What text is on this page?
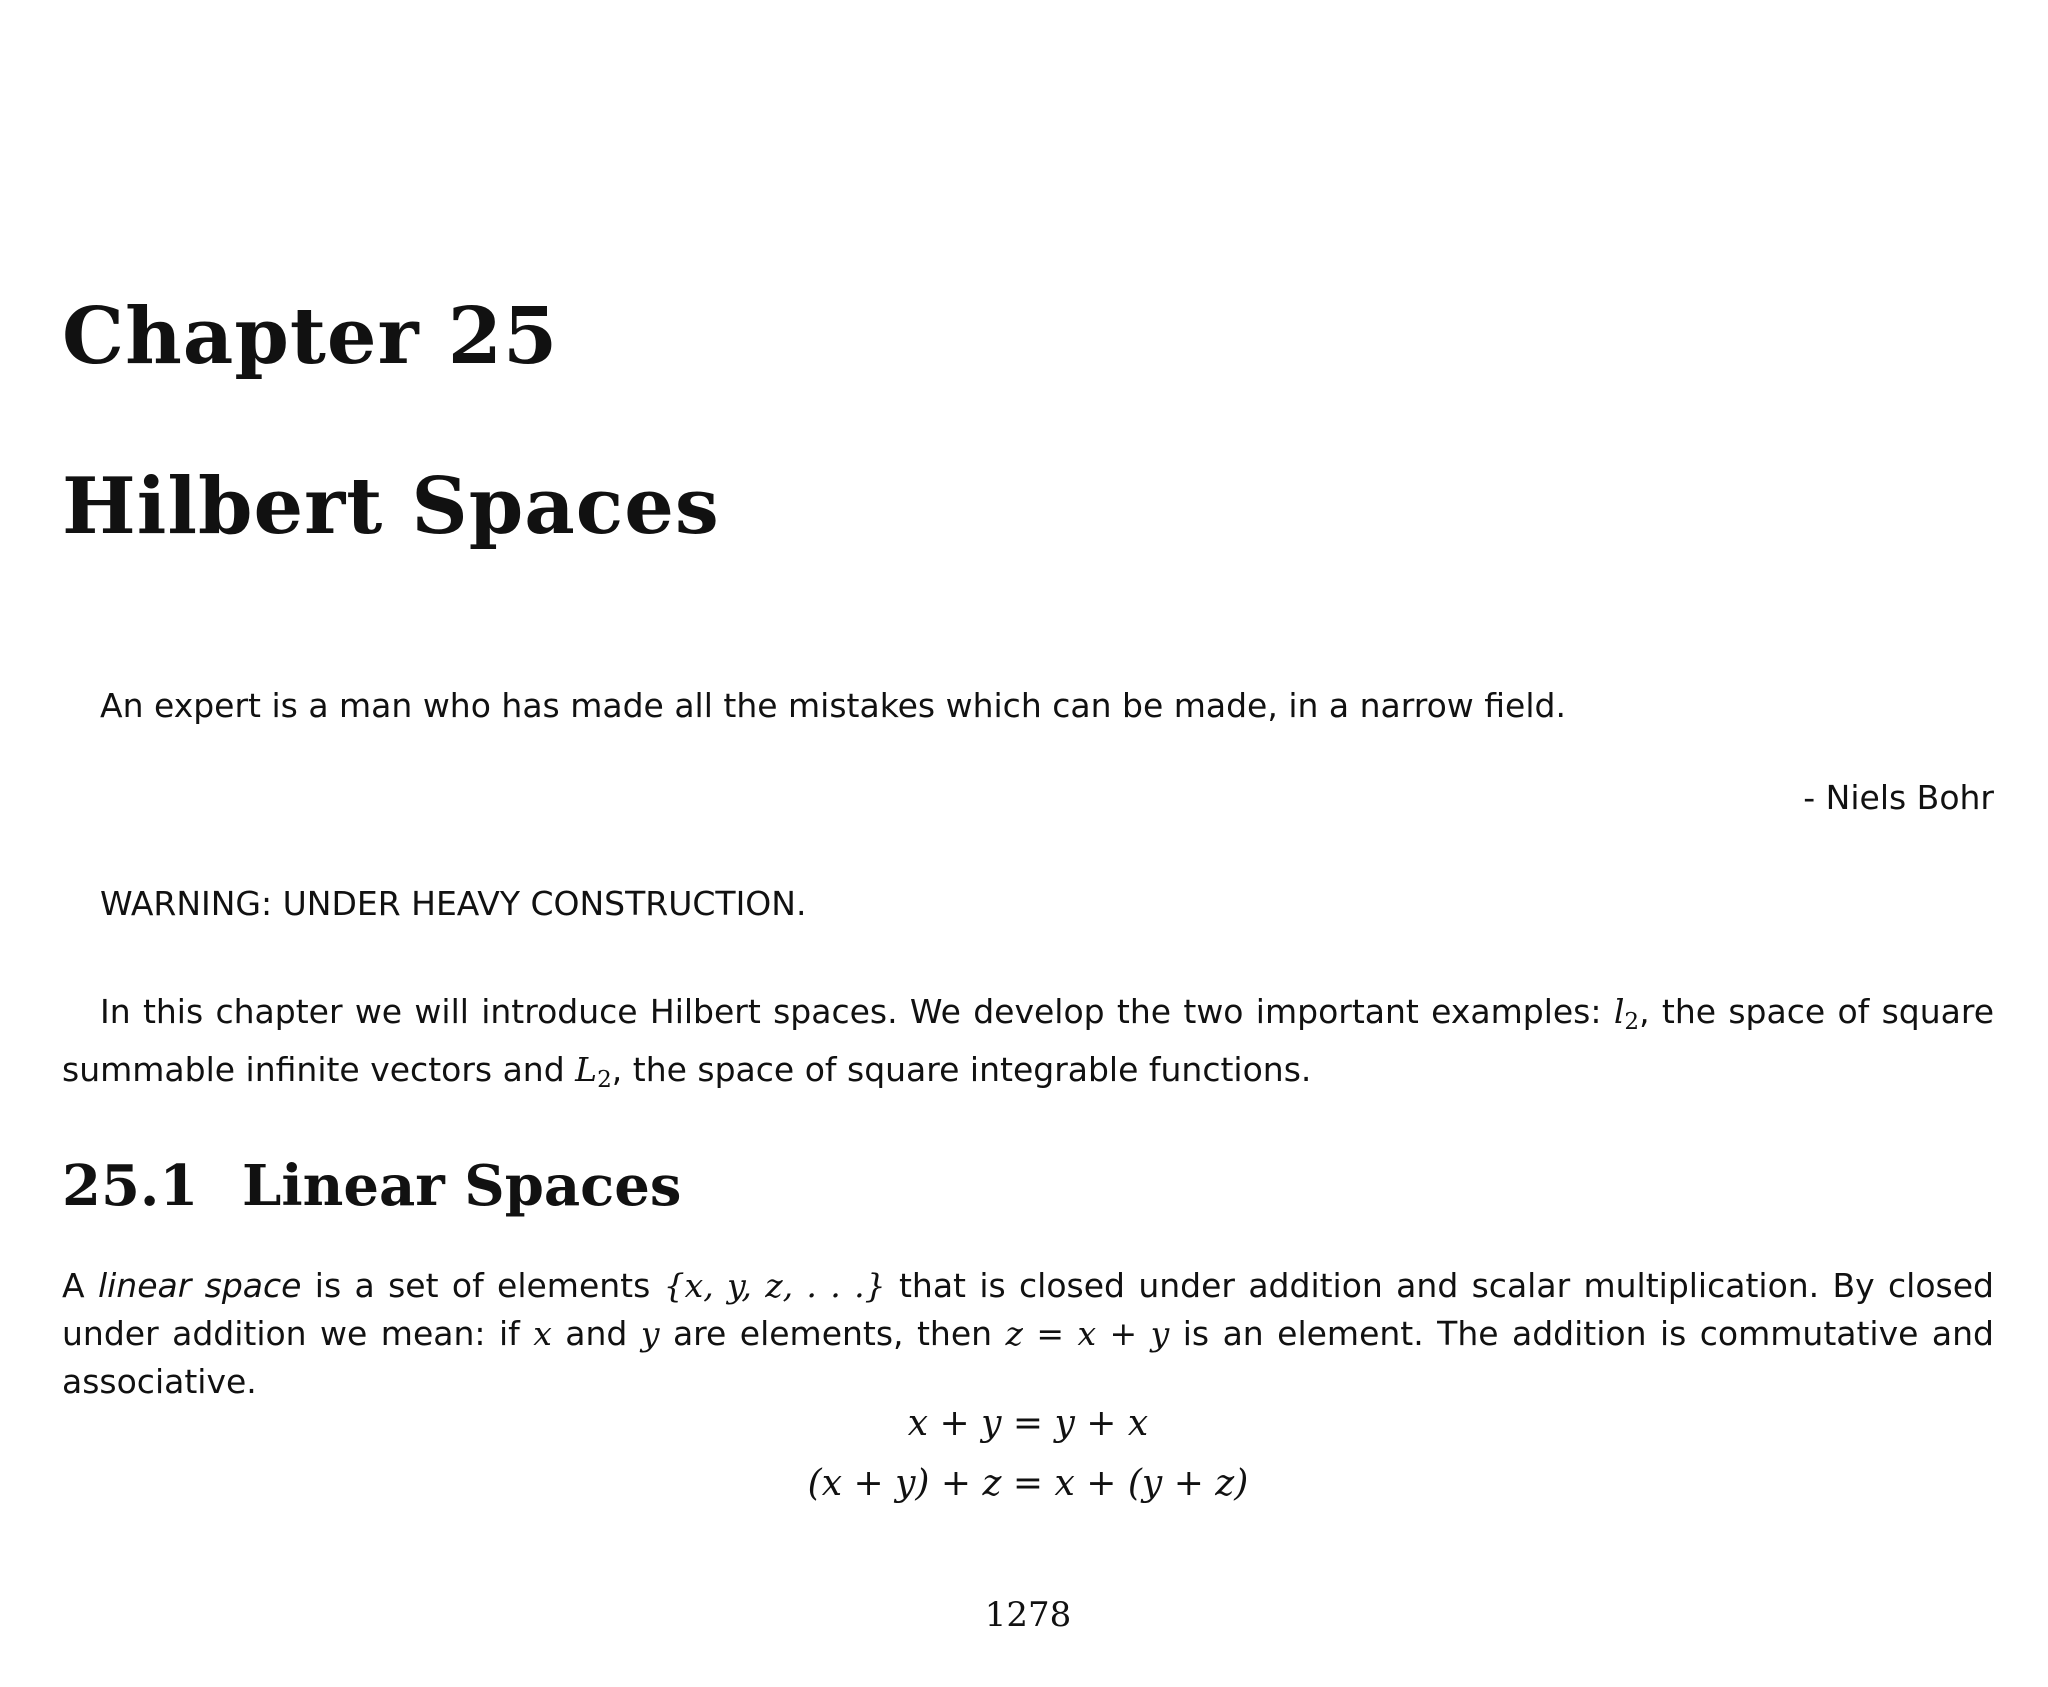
Chapter 25
Hilbert Spaces
An expert is a man who has made all the mistakes which can be made, in a narrow field.
- Niels Bohr
WARNING: UNDER HEAVY CONSTRUCTION.
In this chapter we will introduce Hilbert spaces. We develop the two important examples: $l_2$, the space of square summable infinite vectors and $L_2$, the space of square integrable functions.
25.1 Linear Spaces
A linear space is a set of elements {x, y, z, . . .} that is closed under addition and scalar multiplication. By closed under addition we mean: if x and y are elements, then z = x + y is an element. The addition is commutative and associative.
x + y = y + x
(x + y) + z = x + (y + z)
1278
